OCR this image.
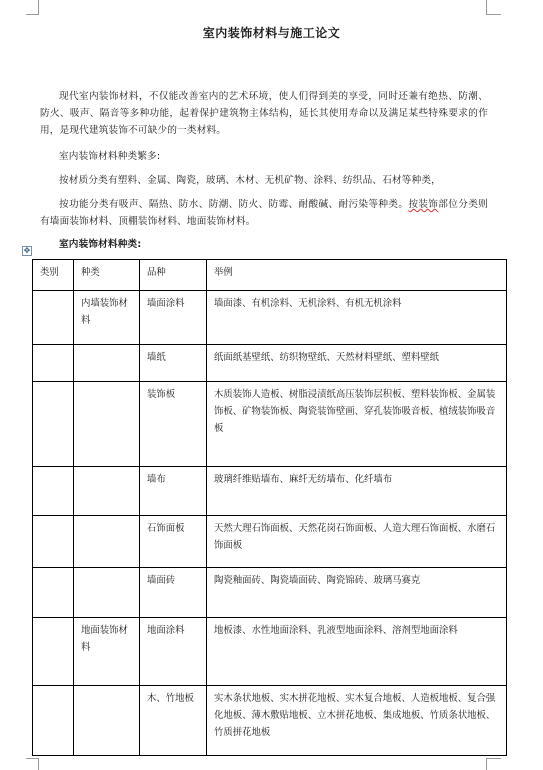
室内装饰材料与施工论文

现代室内装饰材料，不仅能改善室内的艺术环境，使人们得到美的享受，同时还兼有绝热、防潮、防火、吸声、隔音等多种功能，起着保护建筑物主体结构，延长其使用寿命以及满足某些特殊要求的作用，是现代建筑装饰不可缺少的一类材料。

室内装饰材料种类繁多:

按材质分类有塑料、金属、陶瓷，玻璃、木材、无机矿物、涂料、纺织品、石材等种类，

按功能分类有吸声、隔热、防水、防潮、防火、防霉、耐酸碱、耐污染等种类。按装饰部位分类则有墙面装饰材料、顶棚装饰材料、地面装饰材料。

室内装饰材料种类:

✥
类别	种类	品种	举例
	内墙装饰材料	墙面涂料	墙面漆、有机涂料、无机涂料、有机无机涂料
		墙纸	纸面纸基壁纸、纺织物壁纸、天然材料壁纸、塑料壁纸
		装饰板	木质装饰人造板、树脂浸渍纸高压装饰层积板、塑料装饰板、金属装饰板、矿物装饰板、陶瓷装饰壁画、穿孔装饰吸音板、植绒装饰吸音板
		墙布	玻璃纤维贴墙布、麻纤无纺墙布、化纤墙布
		石饰面板	天然大理石饰面板、天然花岗石饰面板、人造大理石饰面板、水磨石饰面板
		墙面砖	陶瓷釉面砖、陶瓷墙面砖、陶瓷锦砖、玻璃马赛克
	地面装饰材料	地面涂料	地板漆、水性地面涂料、乳液型地面涂料、溶剂型地面涂料
		木、竹地板	实木条状地板、实木拼花地板、实木复合地板、人造板地板、复合强化地板、薄木敷贴地板、立木拼花地板、集成地板、竹质条状地板、竹质拼花地板
